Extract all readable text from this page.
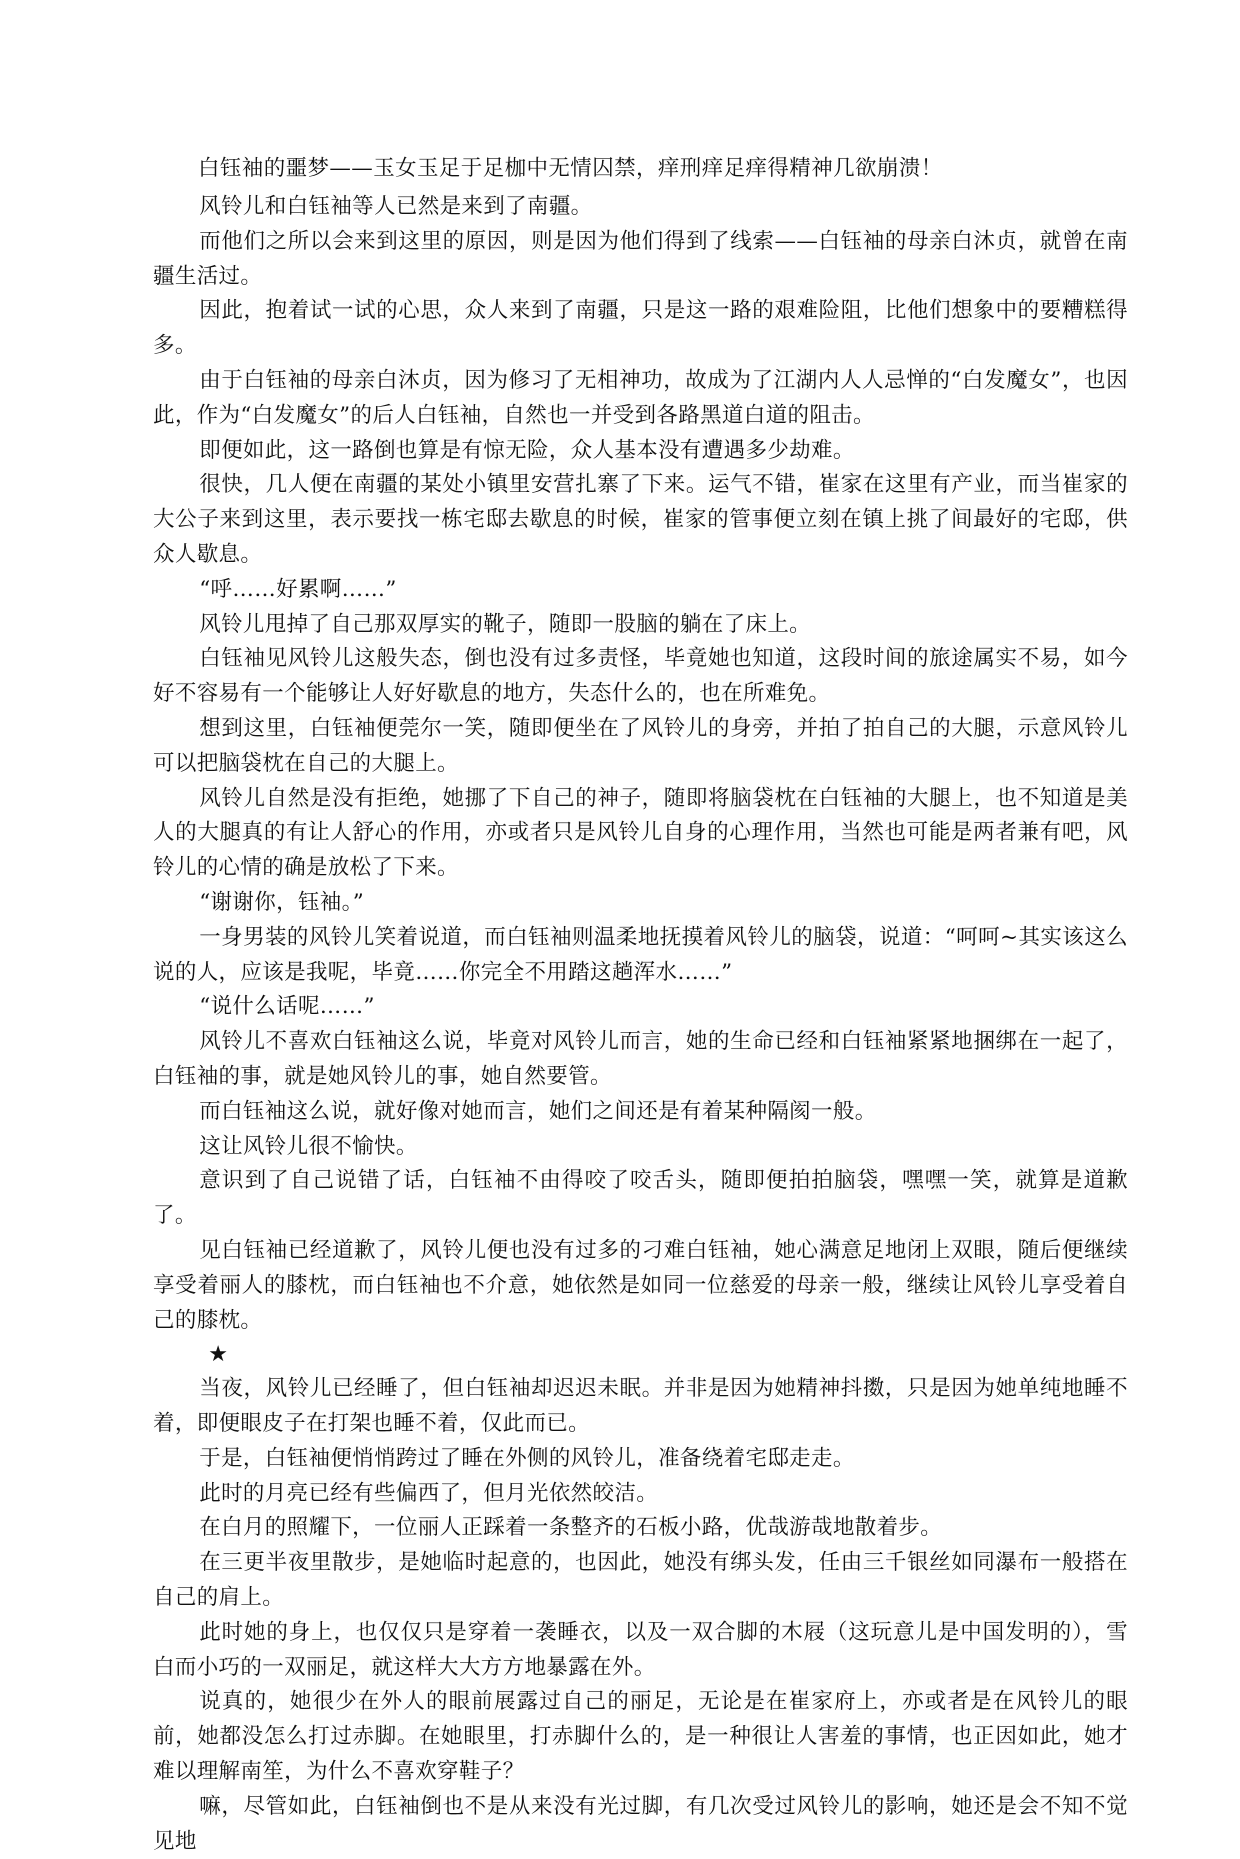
白钰袖的噩梦——玉女玉足于足枷中无情囚禁，痒刑痒足痒得精神几欲崩溃！

风铃儿和白钰袖等人已然是来到了南疆。

而他们之所以会来到这里的原因，则是因为他们得到了线索——白钰袖的母亲白沐贞，就曾在南疆生活过。

因此，抱着试一试的心思，众人来到了南疆，只是这一路的艰难险阻，比他们想象中的要糟糕得多。

由于白钰袖的母亲白沐贞，因为修习了无相神功，故成为了江湖内人人忌惮的“白发魔女”，也因此，作为“白发魔女”的后人白钰袖，自然也一并受到各路黑道白道的阻击。

即便如此，这一路倒也算是有惊无险，众人基本没有遭遇多少劫难。

很快，几人便在南疆的某处小镇里安营扎寨了下来。运气不错，崔家在这里有产业，而当崔家的大公子来到这里，表示要找一栋宅邸去歇息的时候，崔家的管事便立刻在镇上挑了间最好的宅邸，供众人歇息。

“呼……好累啊……”

风铃儿甩掉了自己那双厚实的靴子，随即一股脑的躺在了床上。

白钰袖见风铃儿这般失态，倒也没有过多责怪，毕竟她也知道，这段时间的旅途属实不易，如今好不容易有一个能够让人好好歇息的地方，失态什么的，也在所难免。

想到这里，白钰袖便莞尔一笑，随即便坐在了风铃儿的身旁，并拍了拍自己的大腿，示意风铃儿可以把脑袋枕在自己的大腿上。

风铃儿自然是没有拒绝，她挪了下自己的神子，随即将脑袋枕在白钰袖的大腿上，也不知道是美人的大腿真的有让人舒心的作用，亦或者只是风铃儿自身的心理作用，当然也可能是两者兼有吧，风铃儿的心情的确是放松了下来。

“谢谢你，钰袖。”

一身男装的风铃儿笑着说道，而白钰袖则温柔地抚摸着风铃儿的脑袋，说道：“呵呵~其实该这么说的人，应该是我呢，毕竟……你完全不用踏这趟浑水……”

“说什么话呢……”

风铃儿不喜欢白钰袖这么说，毕竟对风铃儿而言，她的生命已经和白钰袖紧紧地捆绑在一起了，白钰袖的事，就是她风铃儿的事，她自然要管。

而白钰袖这么说，就好像对她而言，她们之间还是有着某种隔阂一般。

这让风铃儿很不愉快。

意识到了自己说错了话，白钰袖不由得咬了咬舌头，随即便拍拍脑袋，嘿嘿一笑，就算是道歉了。

见白钰袖已经道歉了，风铃儿便也没有过多的刁难白钰袖，她心满意足地闭上双眼，随后便继续享受着丽人的膝枕，而白钰袖也不介意，她依然是如同一位慈爱的母亲一般，继续让风铃儿享受着自己的膝枕。

★

当夜，风铃儿已经睡了，但白钰袖却迟迟未眠。并非是因为她精神抖擞，只是因为她单纯地睡不着，即便眼皮子在打架也睡不着，仅此而已。

于是，白钰袖便悄悄跨过了睡在外侧的风铃儿，准备绕着宅邸走走。

此时的月亮已经有些偏西了，但月光依然皎洁。

在白月的照耀下，一位丽人正踩着一条整齐的石板小路，优哉游哉地散着步。

在三更半夜里散步，是她临时起意的，也因此，她没有绑头发，任由三千银丝如同瀑布一般搭在自己的肩上。

此时她的身上，也仅仅只是穿着一袭睡衣，以及一双合脚的木屐（这玩意儿是中国发明的），雪白而小巧的一双丽足，就这样大大方方地暴露在外。

说真的，她很少在外人的眼前展露过自己的丽足，无论是在崔家府上，亦或者是在风铃儿的眼前，她都没怎么打过赤脚。在她眼里，打赤脚什么的，是一种很让人害羞的事情，也正因如此，她才难以理解南笙，为什么不喜欢穿鞋子？

嘛，尽管如此，白钰袖倒也不是从来没有光过脚，有几次受过风铃儿的影响，她还是会不知不觉见地
